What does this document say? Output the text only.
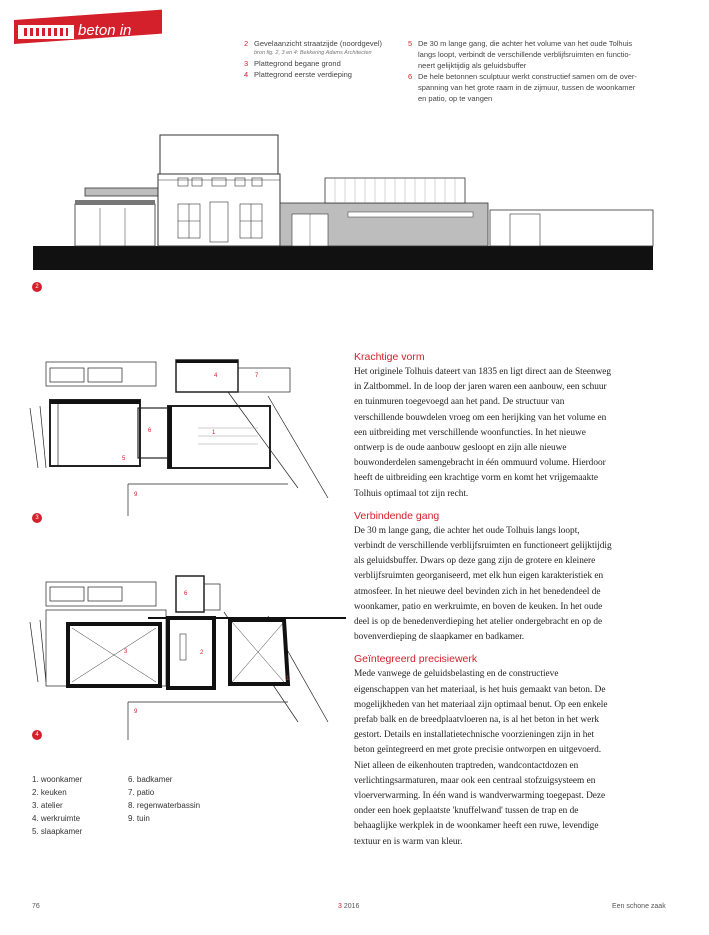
beton in beeld	2 Gevelaanzicht straatzijde (noordgevel)
bron fig. 2, 3 en 4: Bekkering Adams Architecten
3 Plattegrond begane grond
4 Plattegrond eerste verdieping
5 De 30 m lange gang, die achter het volume van het oude Tolhuis
langs loopt, verbindt de verschillende verblijfsruimten en functio-
neert gelijktijdig als geluidsbuffer
6 De hele betonnen sculptuur werkt constructief samen om de over-
spanning van het grote raam in de zijmuur, tussen de woonkamer
en patio, op te vangen
2
4	7
6
5
1
9
3
6
3	2
9
1
4
1. woonkamer
2. keuken
3. atelier
4. werkruimte
5. slaapkamer
6. badkamer
7. patio
8. regenwaterbassin
9. tuin
Krachtige vorm

Het originele Tolhuis dateert van 1835 en ligt direct aan de Steenweg in Zaltbommel. In de loop der jaren waren een aanbouw, een schuur en tuinmuren toegevoegd aan het pand. De structuur van verschillende bouwdelen vroeg om een herijking van het volume en een uitbreiding met verschillende woonfuncties. In het nieuwe ontwerp is de oude aanbouw gesloopt en zijn alle nieuwe bouwonderdelen samengebracht in één ommuurd volume. Hierdoor heeft de uitbreiding een krachtige vorm en komt het vrijgemaakte Tolhuis optimaal tot zijn recht.

Verbindende gang

De 30 m lange gang, die achter het oude Tolhuis langs loopt, verbindt de verschillende verblijfsruimten en functioneert gelijktijdig als geluidsbuffer. Dwars op deze gang zijn de grotere en kleinere verblijfsruimten georganiseerd, met elk hun eigen karakteristiek en atmosfeer. In het nieuwe deel bevinden zich in het benedendeel de woonkamer, patio en werkruimte, en boven de keuken. In het oude deel is op de benedenverdieping het atelier ondergebracht en op de bovenverdieping de slaapkamer en badkamer.

Geïntegreerd precisiewerk

Mede vanwege de geluidsbelasting en de constructieve eigenschappen van het materiaal, is het huis gemaakt van beton. De mogelijkheden van het materiaal zijn optimaal benut. Op een enkele prefab balk en de breedplaatvloeren na, is al het beton in het werk gestort. Details en installatietechnische voorzieningen zijn in het beton geïntegreerd en met grote precisie ontworpen en uitgevoerd. Niet alleen de eikenhouten traptreden, wandcontactdozen en verlichtingsarmaturen, maar ook een centraal stofzuigsysteem en vloerverwarming. In één wand is wandverwarming toegepast. Deze onder een hoek geplaatste 'knuffelwand' tussen de trap en de behaaglijke werkplek in de woonkamer heeft een ruwe, levendige textuur en is warm van kleur.

76	3 2016	Een schone zaak
